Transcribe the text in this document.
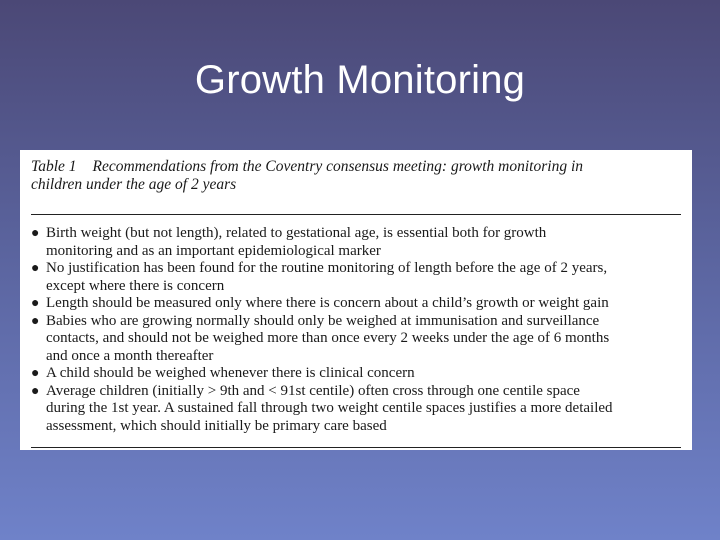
Growth Monitoring
Table 1 Recommendations from the Coventry consensus meeting: growth monitoring in
children under the age of 2 years
● Birth weight (but not length), related to gestational age, is essential both for growth
monitoring and as an important epidemiological marker
● No justification has been found for the routine monitoring of length before the age of 2 years,
except where there is concern
● Length should be measured only where there is concern about a child’s growth or weight gain
● Babies who are growing normally should only be weighed at immunisation and surveillance
contacts, and should not be weighed more than once every 2 weeks under the age of 6 months
and once a month thereafter
● A child should be weighed whenever there is clinical concern
● Average children (initially > 9th and < 91st centile) often cross through one centile space
during the 1st year. A sustained fall through two weight centile spaces justifies a more detailed
assessment, which should initially be primary care based
